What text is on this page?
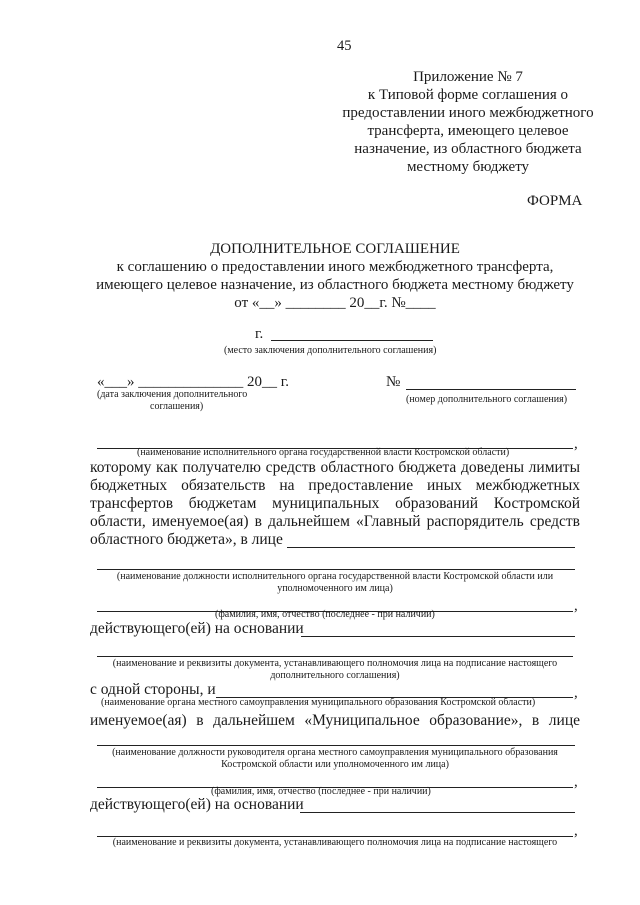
45
Приложение № 7
к Типовой форме соглашения о
предоставлении иного межбюджетного
трансферта, имеющего целевое
назначение, из областного бюджета
местному бюджету
ФОРМА
ДОПОЛНИТЕЛЬНОЕ СОГЛАШЕНИЕ
к соглашению о предоставлении иного межбюджетного трансферта,
имеющего целевое назначение, из областного бюджета местному бюджету
от «__» ________ 20__г. №____
г.
(место заключения дополнительного соглашения)
«___» ______________ 20__ г.
(дата заключения дополнительного
соглашения)
№
(номер дополнительного соглашения)
,
(наименование исполнительного органа государственной власти Костромской области)
которому как получателю средств областного бюджета доведены лимиты
бюджетных обязательств на предоставление иных межбюджетных
трансфертов бюджетам муниципальных образований Костромской
области, именуемое(ая) в дальнейшем «Главный распорядитель средств
областного бюджета», в лице
(наименование должности исполнительного органа государственной власти Костромской области или
уполномоченного им лица)
,
(фамилия, имя, отчество (последнее - при наличии)
действующего(ей) на основании
(наименование и реквизиты документа, устанавливающего полномочия лица на подписание настоящего
дополнительного соглашения)
с одной стороны, и	,
(наименование органа местного самоуправления муниципального образования Костромской области)
именуемое(ая) в дальнейшем «Муниципальное образование», в лице
(наименование должности руководителя органа местного самоуправления муниципального образования
Костромской области или уполномоченного им лица)
,
(фамилия, имя, отчество (последнее - при наличии)
действующего(ей) на основании
,
(наименование и реквизиты документа, устанавливающего полномочия лица на подписание настоящего
